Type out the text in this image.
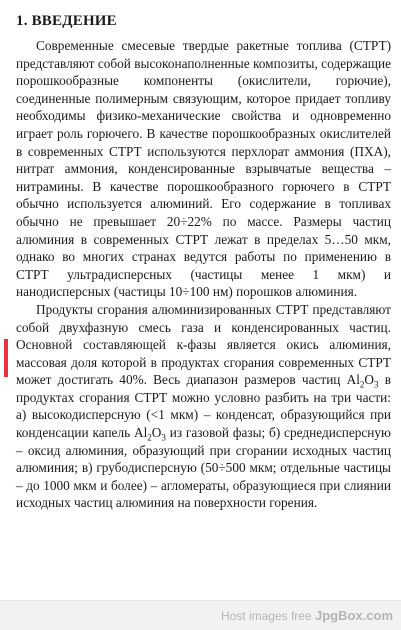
1. ВВЕДЕНИЕ

Современные смесевые твердые ракетные топлива (СТРТ) представляют собой высоконаполненные композиты, содержащие порошкообразные компоненты (окислители, горючие), соединенные полимерным связующим, которое придает топливу необходимы физико-механические свойства и одновременно играет роль горючего. В качестве порошкообразных окислителей в современных СТРТ используются перхлорат аммония (ПХА), нитрат аммония, конденсированные взрывчатые вещества – нитрамины. В качестве порошкообразного горючего в СТРТ обычно используется алюминий. Его содержание в топливах обычно не превышает 20÷22% по массе. Размеры частиц алюминия в современных СТРТ лежат в пределах 5…50 мкм, однако во многих странах ведутся работы по применению в СТРТ ультрадисперсных (частицы менее 1 мкм) и нанодисперсных (частицы 10÷100 нм) порошков алюминия.

Продукты сгорания алюминизированных СТРТ представляют собой двухфазную смесь газа и конденсированных частиц. Основной составляющей к-фазы является окись алюминия, массовая доля которой в продуктах сгорания современных СТРТ может достигать 40%. Весь диапазон размеров частиц $Al_2O_3$ в продуктах сгорания СТРТ можно условно разбить на три части: а) высокодисперсную (<1 мкм) – конденсат, образующийся при конденсации капель $Al_2O_3$ из газовой фазы; б) среднедисперсную – оксид алюминия, образующий при сгорании исходных частиц алюминия; в) грубодисперсную (50÷500 мкм; отдельные частицы – до 1000 мкм и более) – агломераты, образующиеся при слиянии исходных частиц алюминия на поверхности горения.

Host images free JpgBox.com
